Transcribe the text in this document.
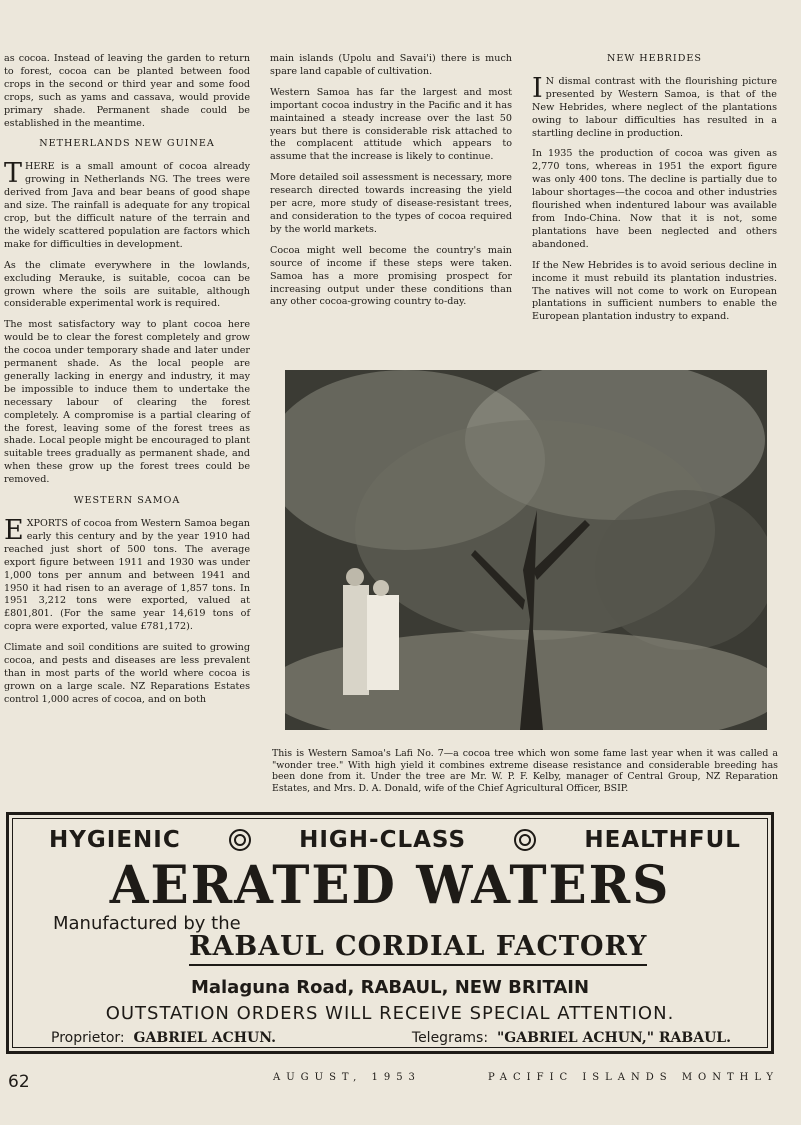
as cocoa. Instead of leaving the garden to return to forest, cocoa can be planted between food crops in the second or third year and some food crops, such as yams and cassava, would provide primary shade. Permanent shade could be established in the meantime.

NETHERLANDS NEW GUINEA

THERE is a small amount of cocoa already growing in Netherlands NG. The trees were derived from Java and bear beans of good shape and size. The rainfall is adequate for any tropical crop, but the difficult nature of the terrain and the widely scattered population are factors which make for difficulties in development.

As the climate everywhere in the lowlands, excluding Merauke, is suitable, cocoa can be grown where the soils are suitable, although considerable experimental work is required.

The most satisfactory way to plant cocoa here would be to clear the forest completely and grow the cocoa under temporary shade and later under permanent shade. As the local people are generally lacking in energy and industry, it may be impossible to induce them to undertake the necessary labour of clearing the forest completely. A compromise is a partial clearing of the forest, leaving some of the forest trees as shade. Local people might be encouraged to plant suitable trees gradually as permanent shade, and when these grow up the forest trees could be removed.

WESTERN SAMOA

EXPORTS of cocoa from Western Samoa began early this century and by the year 1910 had reached just short of 500 tons. The average export figure between 1911 and 1930 was under 1,000 tons per annum and between 1941 and 1950 it had risen to an average of 1,857 tons. In 1951 3,212 tons were exported, valued at £801,801. (For the same year 14,619 tons of copra were exported, value £781,172).

Climate and soil conditions are suited to growing cocoa, and pests and diseases are less prevalent than in most parts of the world where cocoa is grown on a large scale. NZ Reparations Estates control 1,000 acres of cocoa, and on both

main islands (Upolu and Savai'i) there is much spare land capable of cultivation.

Western Samoa has far the largest and most important cocoa industry in the Pacific and it has maintained a steady increase over the last 50 years but there is considerable risk attached to the complacent attitude which appears to assume that the increase is likely to continue.

More detailed soil assessment is necessary, more research directed towards increasing the yield per acre, more study of disease-resistant trees, and consideration to the types of cocoa required by the world markets.

Cocoa might well become the country's main source of income if these steps were taken. Samoa has a more promising prospect for increasing output under these conditions than any other cocoa-growing country to-day.

NEW HEBRIDES

I N dismal contrast with the flourishing picture presented by Western Samoa, is that of the New Hebrides, where neglect of the plantations owing to labour difficulties has resulted in a startling decline in production.

In 1935 the production of cocoa was given as 2,770 tons, whereas in 1951 the export figure was only 400 tons. The decline is partially due to labour shortages—the cocoa and other industries flourished when indentured labour was available from Indo-China. Now that it is not, some plantations have been neglected and others abandoned.

If the New Hebrides is to avoid serious decline in income it must rebuild its plantation industries. The natives will not come to work on European plantations in sufficient numbers to enable the European plantation industry to expand.

This is Western Samoa's Lafi No. 7—a cocoa tree which won some fame last year when it was called a "wonder tree." With high yield it combines extreme disease resistance and considerable breeding has been done from it. Under the tree are Mr. W. P. F. Kelby, manager of Central Group, NZ Reparation Estates, and Mrs. D. A. Donald, wife of the Chief Agricultural Officer, BSIP.
HYGIENIC	HIGH-CLASS	HEALTHFUL
AERATED WATERS
Manufactured by the
RABAUL CORDIAL FACTORY
Malaguna Road, RABAUL, NEW BRITAIN
OUTSTATION ORDERS WILL RECEIVE SPECIAL ATTENTION.
Proprietor: GABRIEL ACHUN.	Telegrams: "GABRIEL ACHUN," RABAUL.
62	AUGUST, 1953	PACIFIC ISLANDS MONTHLY
